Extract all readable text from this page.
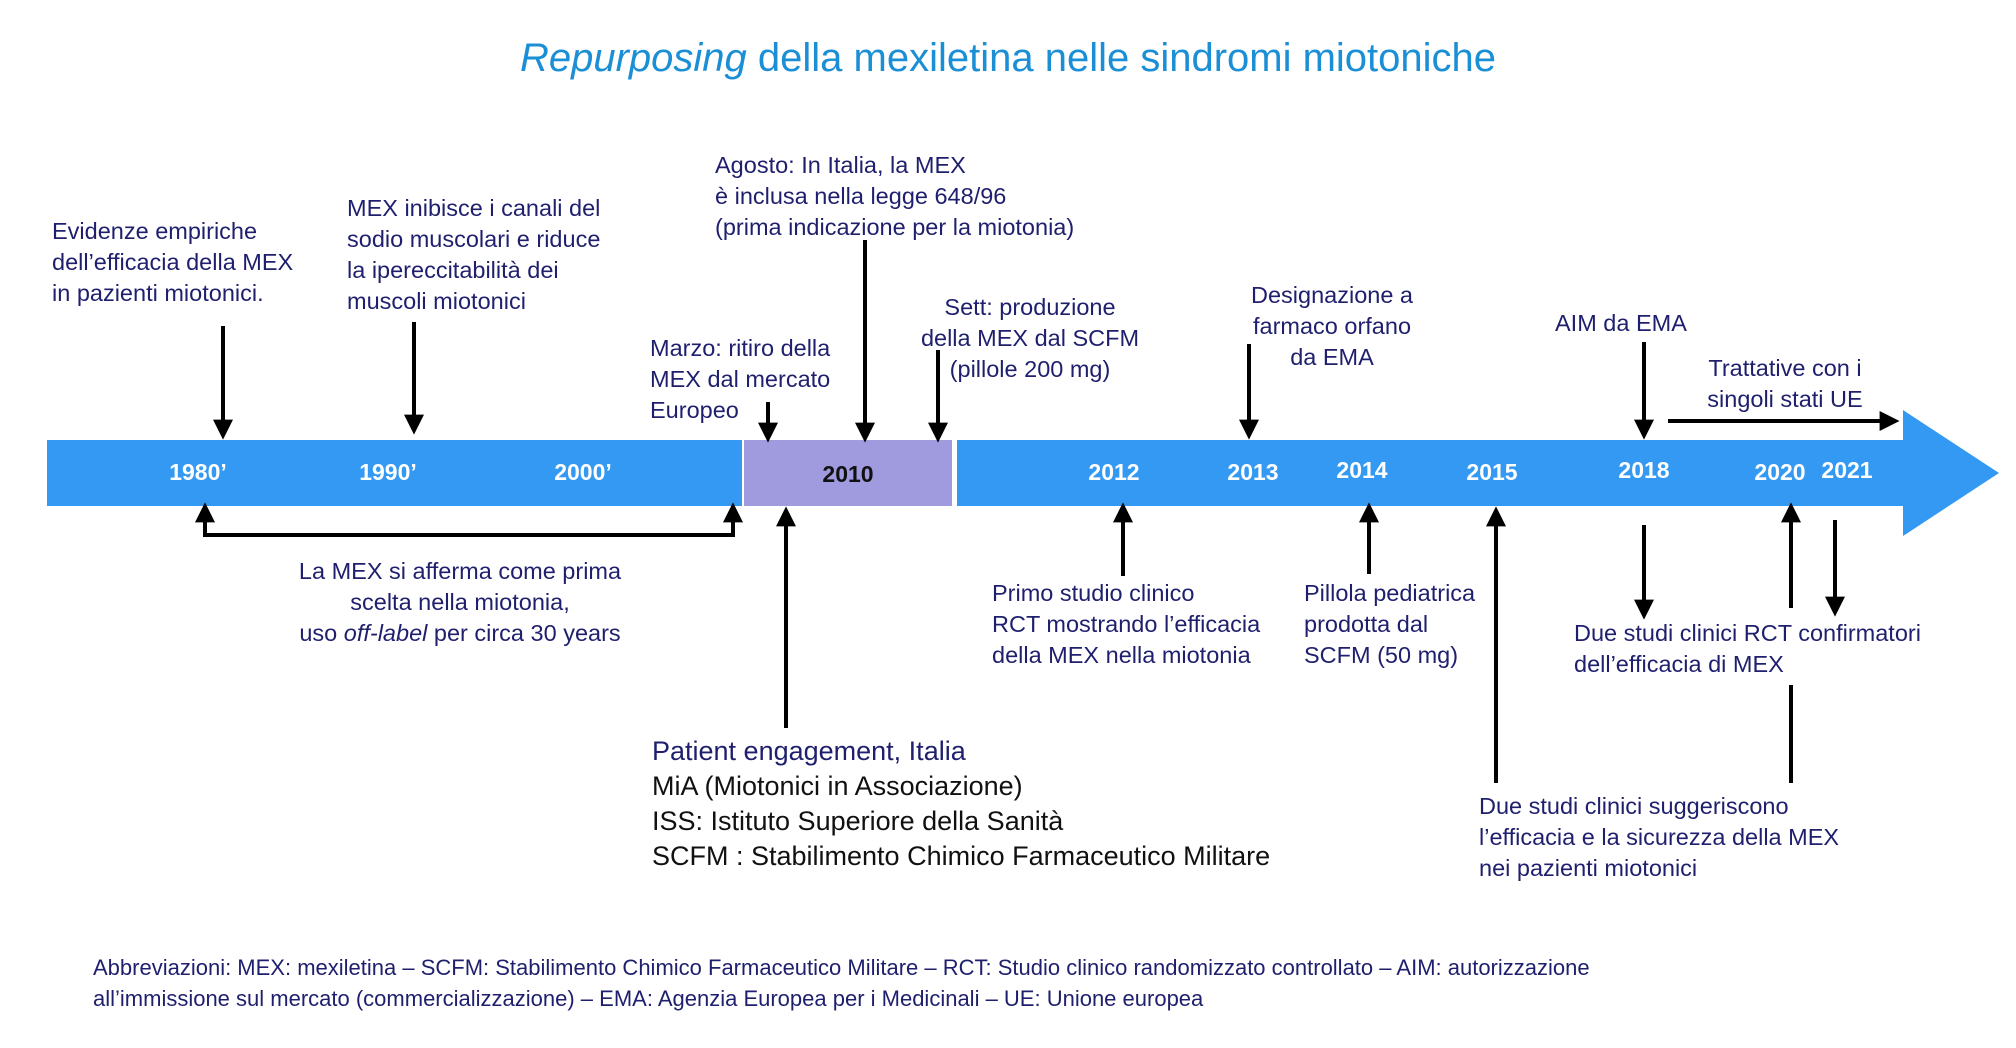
Repurposing della mexiletina nelle sindromi miotoniche
1980’	1990’	2000’	2010	2012	2013	2014	2015	2018	2020 2021
Evidenze empiriche
dell’efficacia della MEX
in pazienti miotonici.
MEX inibisce i canali del
sodio muscolari e riduce
la ipereccitabilità dei
muscoli miotonici
Agosto: In Italia, la MEX
è inclusa nella legge 648/96
(prima indicazione per la miotonia)
Marzo: ritiro della
MEX dal mercato
Europeo
Sett: produzione
della MEX dal SCFM
(pillole 200 mg)
Designazione a
farmaco orfano
da EMA
AIM da EMA
Trattative con i
singoli stati UE
La MEX si afferma come prima
scelta nella miotonia,
uso off-label per circa 30 years
Primo studio clinico
RCT mostrando l’efficacia
della MEX nella miotonia
Pillola pediatrica
prodotta dal
SCFM (50 mg)
Due studi clinici RCT confirmatori
dell’efficacia di MEX
Due studi clinici suggeriscono
l’efficacia e la sicurezza della MEX
nei pazienti miotonici
Patient engagement, Italia
MiA (Miotonici in Associazione)
ISS: Istituto Superiore della Sanità
SCFM : Stabilimento Chimico Farmaceutico Militare
Abbreviazioni: MEX: mexiletina – SCFM: Stabilimento Chimico Farmaceutico Militare – RCT: Studio clinico randomizzato controllato – AIM: autorizzazione
all’immissione sul mercato (commercializzazione) – EMA: Agenzia Europea per i Medicinali – UE: Unione europea
